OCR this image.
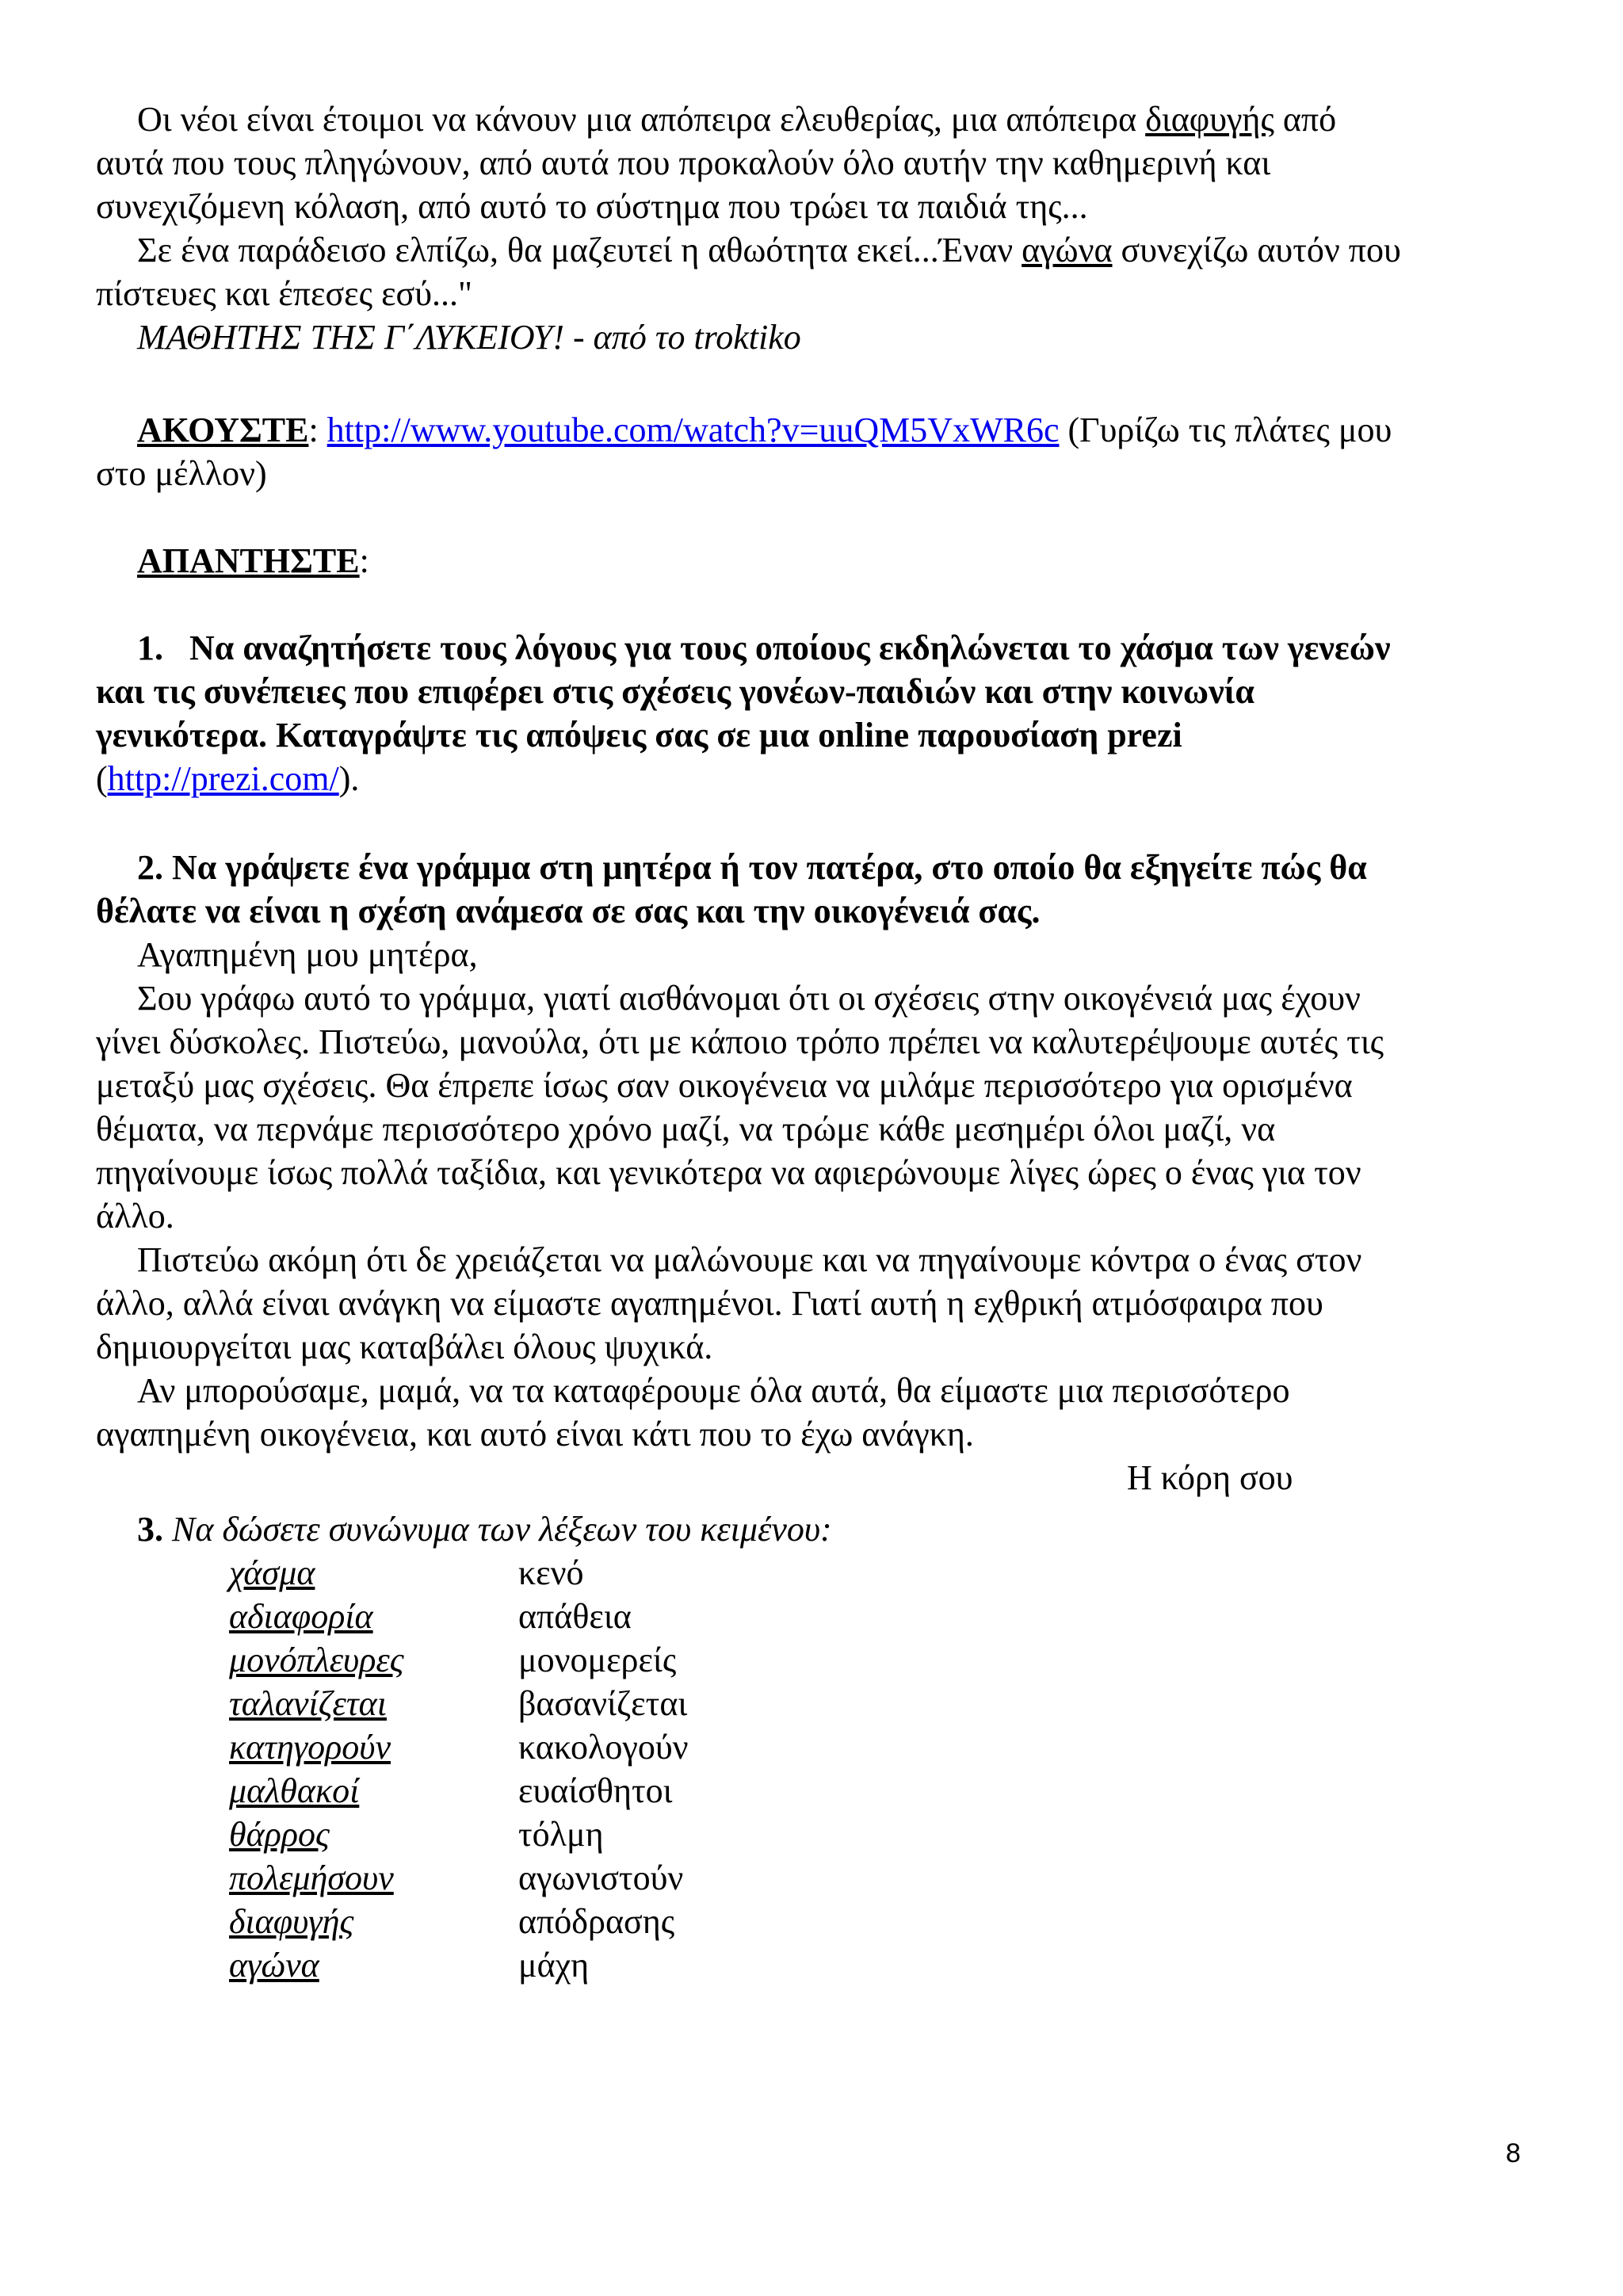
Οι νέοι είναι έτοιμοι να κάνουν μια απόπειρα ελευθερίας, μια απόπειρα διαφυγής από

αυτά που τους πληγώνουν, από αυτά που προκαλούν όλο αυτήν την καθημερινή και

συνεχιζόμενη κόλαση, από αυτό το σύστημα που τρώει τα παιδιά της...

Σε ένα παράδεισο ελπίζω, θα μαζευτεί η αθωότητα εκεί...Έναν αγώνα συνεχίζω αυτόν που

πίστευες και έπεσες εσύ..."

ΜΑΘΗΤΗΣ ΤΗΣ Γ΄ΛΥΚΕΙΟΥ! - από το troktiko

ΑΚΟΥΣΤΕ: http://www.youtube.com/watch?v=uuQM5VxWR6c (Γυρίζω τις πλάτες μου

στο μέλλον)

ΑΠΑΝΤΗΣΤΕ:

1. Να αναζητήσετε τους λόγους για τους οποίους εκδηλώνεται το χάσμα των γενεών

και τις συνέπειες που επιφέρει στις σχέσεις γονέων-παιδιών και στην κοινωνία

γενικότερα. Καταγράψτε τις απόψεις σας σε μια online παρουσίαση prezi

(http://prezi.com/).

2. Να γράψετε ένα γράμμα στη μητέρα ή τον πατέρα, στο οποίο θα εξηγείτε πώς θα

θέλατε να είναι η σχέση ανάμεσα σε σας και την οικογένειά σας.

Αγαπημένη μου μητέρα,

Σου γράφω αυτό το γράμμα, γιατί αισθάνομαι ότι οι σχέσεις στην οικογένειά μας έχουν

γίνει δύσκολες. Πιστεύω, μανούλα, ότι με κάποιο τρόπο πρέπει να καλυτερέψουμε αυτές τις

μεταξύ μας σχέσεις. Θα έπρεπε ίσως σαν οικογένεια να μιλάμε περισσότερο για ορισμένα

θέματα, να περνάμε περισσότερο χρόνο μαζί, να τρώμε κάθε μεσημέρι όλοι μαζί, να

πηγαίνουμε ίσως πολλά ταξίδια, και γενικότερα να αφιερώνουμε λίγες ώρες ο ένας για τον

άλλο.

Πιστεύω ακόμη ότι δε χρειάζεται να μαλώνουμε και να πηγαίνουμε κόντρα ο ένας στον

άλλο, αλλά είναι ανάγκη να είμαστε αγαπημένοι. Γιατί αυτή η εχθρική ατμόσφαιρα που

δημιουργείται μας καταβάλει όλους ψυχικά.

Αν μπορούσαμε, μαμά, να τα καταφέρουμε όλα αυτά, θα είμαστε μια περισσότερο

αγαπημένη οικογένεια, και αυτό είναι κάτι που το έχω ανάγκη.

Η κόρη σου

3. Να δώσετε συνώνυμα των λέξεων του κειμένου:

χάσμα	κενό
αδιαφορία	απάθεια
μονόπλευρες	μονομερείς
ταλανίζεται	βασανίζεται
κατηγορούν	κακολογούν
μαλθακοί	ευαίσθητοι
θάρρος	τόλμη
πολεμήσουν	αγωνιστούν
διαφυγής	απόδρασης
αγώνα	μάχη
8
